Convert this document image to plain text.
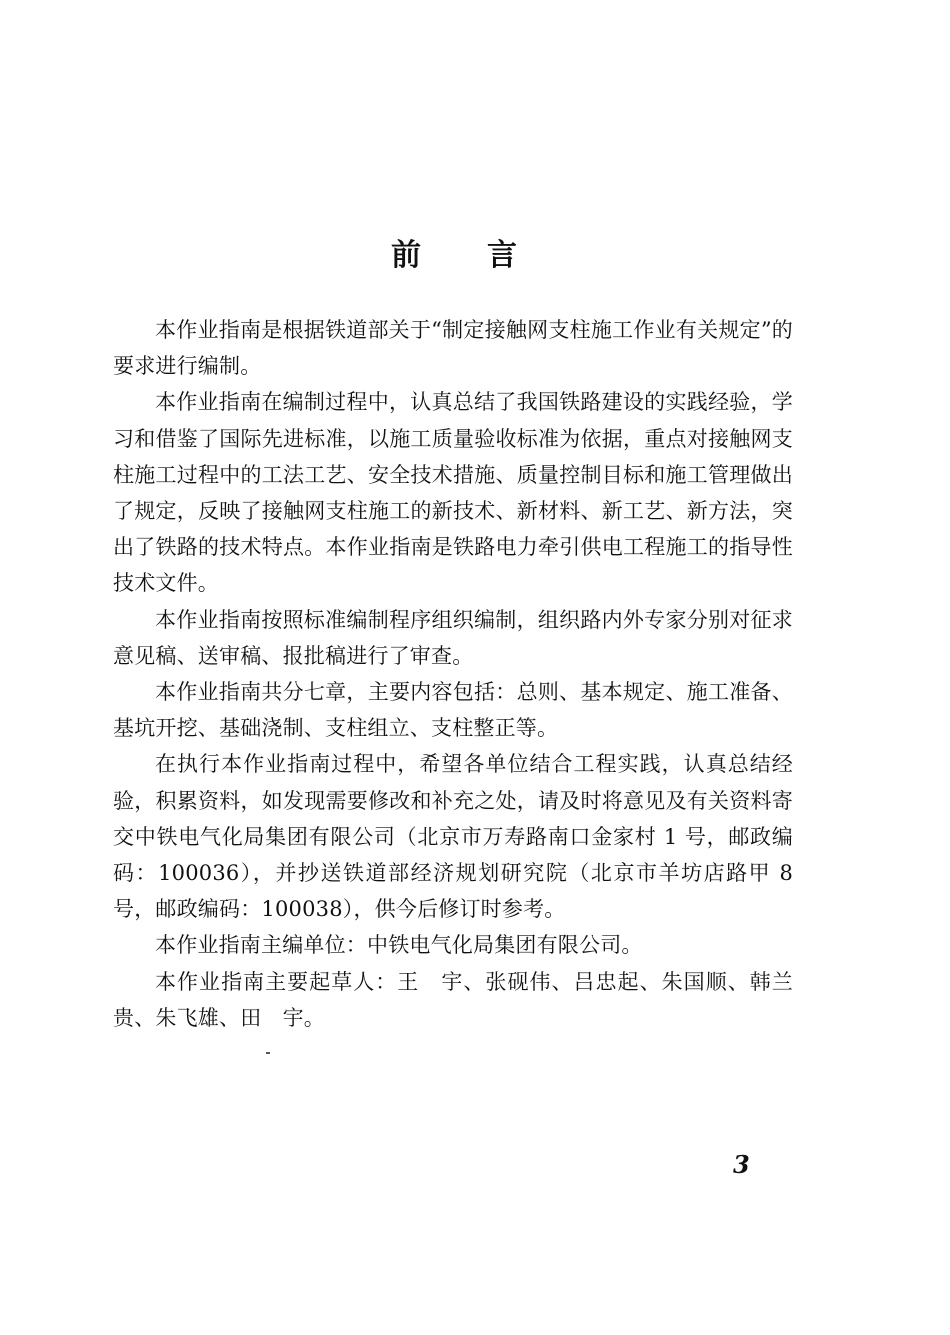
前　　言

本作业指南是根据铁道部关于“制定接触网支柱施工作业有关规定”的要求进行编制。

本作业指南在编制过程中，认真总结了我国铁路建设的实践经验，学习和借鉴了国际先进标准，以施工质量验收标准为依据，重点对接触网支柱施工过程中的工法工艺、安全技术措施、质量控制目标和施工管理做出了规定，反映了接触网支柱施工的新技术、新材料、新工艺、新方法，突出了铁路的技术特点。本作业指南是铁路电力牵引供电工程施工的指导性技术文件。

本作业指南按照标准编制程序组织编制，组织路内外专家分别对征求意见稿、送审稿、报批稿进行了审查。

本作业指南共分七章，主要内容包括：总则、基本规定、施工准备、基坑开挖、基础浇制、支柱组立、支柱整正等。

在执行本作业指南过程中，希望各单位结合工程实践，认真总结经验，积累资料，如发现需要修改和补充之处，请及时将意见及有关资料寄交中铁电气化局集团有限公司（北京市万寿路南口金家村 1 号，邮政编码：100036），并抄送铁道部经济规划研究院（北京市羊坊店路甲 8 号，邮政编码：100038），供今后修订时参考。

本作业指南主编单位：中铁电气化局集团有限公司。

本作业指南主要起草人：王　宇、张砚伟、吕忠起、朱国顺、韩兰贵、朱飞雄、田　宇。

3
